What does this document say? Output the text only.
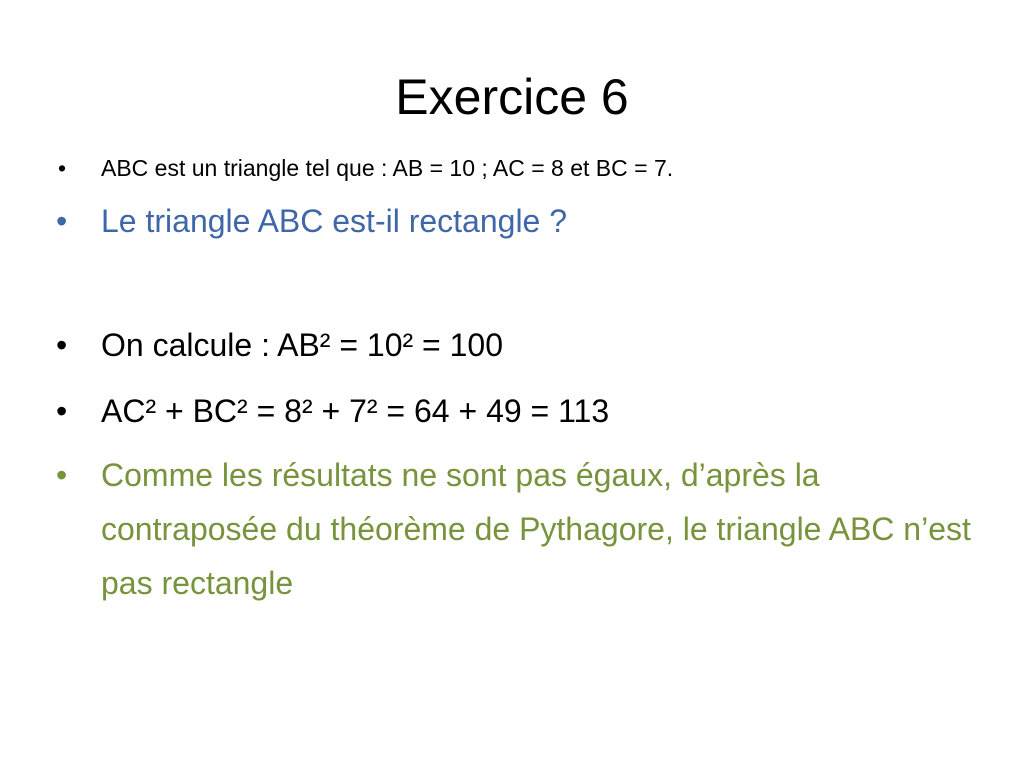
Exercice 6
•	ABC est un triangle tel que : AB = 10 ; AC = 8 et BC = 7.
•	Le triangle ABC est-il rectangle ?
•	On calcule : AB² = 10² = 100
•	AC² + BC² = 8² + 7² = 64 + 49 = 113
•	Comme les résultats ne sont pas égaux, d’après la contraposée du théorème de Pythagore, le triangle ABC n’est pas rectangle
